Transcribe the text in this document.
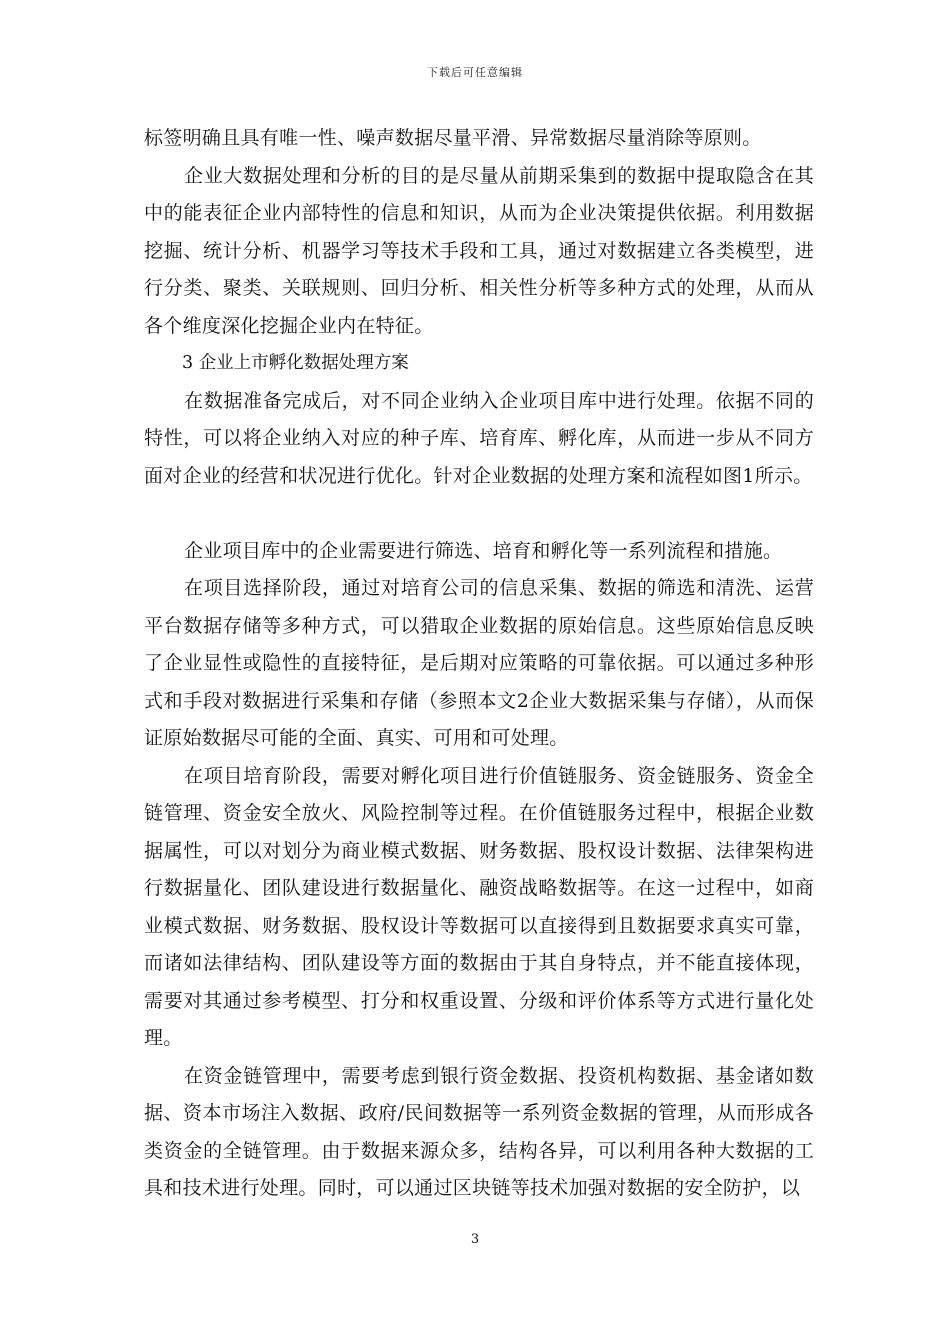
下载后可任意编辑

标签明确且具有唯一性、噪声数据尽量平滑、异常数据尽量消除等原则。

企业大数据处理和分析的目的是尽量从前期采集到的数据中提取隐含在其中的能表征企业内部特性的信息和知识，从而为企业决策提供依据。利用数据挖掘、统计分析、机器学习等技术手段和工具，通过对数据建立各类模型，进行分类、聚类、关联规则、回归分析、相关性分析等多种方式的处理，从而从各个维度深化挖掘企业内在特征。

3 企业上市孵化数据处理方案

在数据准备完成后，对不同企业纳入企业项目库中进行处理。依据不同的特性，可以将企业纳入对应的种子库、培育库、孵化库，从而进一步从不同方面对企业的经营和状况进行优化。针对企业数据的处理方案和流程如图1所示。

企业项目库中的企业需要进行筛选、培育和孵化等一系列流程和措施。

在项目选择阶段，通过对培育公司的信息采集、数据的筛选和清洗、运营平台数据存储等多种方式，可以猎取企业数据的原始信息。这些原始信息反映了企业显性或隐性的直接特征，是后期对应策略的可靠依据。可以通过多种形式和手段对数据进行采集和存储（参照本文2企业大数据采集与存储），从而保证原始数据尽可能的全面、真实、可用和可处理。

在项目培育阶段，需要对孵化项目进行价值链服务、资金链服务、资金全链管理、资金安全放火、风险控制等过程。在价值链服务过程中，根据企业数据属性，可以对划分为商业模式数据、财务数据、股权设计数据、法律架构进行数据量化、团队建设进行数据量化、融资战略数据等。在这一过程中，如商业模式数据、财务数据、股权设计等数据可以直接得到且数据要求真实可靠，而诸如法律结构、团队建设等方面的数据由于其自身特点，并不能直接体现，需要对其通过参考模型、打分和权重设置、分级和评价体系等方式进行量化处理。

在资金链管理中，需要考虑到银行资金数据、投资机构数据、基金诸如数据、资本市场注入数据、政府/民间数据等一系列资金数据的管理，从而形成各类资金的全链管理。由于数据来源众多，结构各异，可以利用各种大数据的工具和技术进行处理。同时，可以通过区块链等技术加强对数据的安全防护，以

3
